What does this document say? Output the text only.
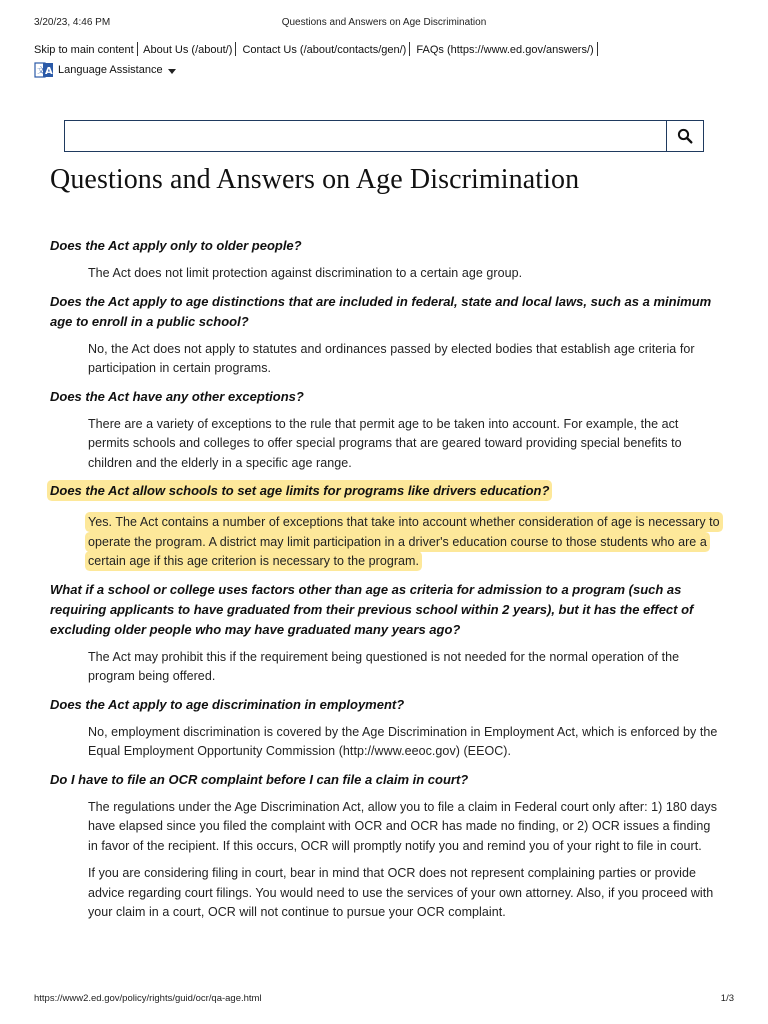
3/20/23, 4:46 PM	Questions and Answers on Age Discrimination
Skip to main content About Us (/about/) Contact Us (/about/contacts/gen/) FAQs (https://www.ed.gov/answers/)
文 A Language Assistance
Questions and Answers on Age Discrimination

Does the Act apply only to older people?

The Act does not limit protection against discrimination to a certain age group.

Does the Act apply to age distinctions that are included in federal, state and local laws, such as a minimum age to enroll in a public school?

No, the Act does not apply to statutes and ordinances passed by elected bodies that establish age criteria for participation in certain programs.

Does the Act have any other exceptions?

There are a variety of exceptions to the rule that permit age to be taken into account. For example, the act permits schools and colleges to offer special programs that are geared toward providing special benefits to children and the elderly in a specific age range.

Does the Act allow schools to set age limits for programs like drivers education?

Yes. The Act contains a number of exceptions that take into account whether consideration of age is necessary to operate the program. A district may limit participation in a driver's education course to those students who are a certain age if this age criterion is necessary to the program.

What if a school or college uses factors other than age as criteria for admission to a program (such as requiring applicants to have graduated from their previous school within 2 years), but it has the effect of excluding older people who may have graduated many years ago?

The Act may prohibit this if the requirement being questioned is not needed for the normal operation of the program being offered.

Does the Act apply to age discrimination in employment?

No, employment discrimination is covered by the Age Discrimination in Employment Act, which is enforced by the Equal Employment Opportunity Commission (http://www.eeoc.gov) (EEOC).

Do I have to file an OCR complaint before I can file a claim in court?

The regulations under the Age Discrimination Act, allow you to file a claim in Federal court only after: 1) 180 days have elapsed since you filed the complaint with OCR and OCR has made no finding, or 2) OCR issues a finding in favor of the recipient. If this occurs, OCR will promptly notify you and remind you of your right to file in court.

If you are considering filing in court, bear in mind that OCR does not represent complaining parties or provide advice regarding court filings. You would need to use the services of your own attorney. Also, if you proceed with your claim in a court, OCR will not continue to pursue your OCR complaint.

https://www2.ed.gov/policy/rights/guid/ocr/qa-age.html	1/3
